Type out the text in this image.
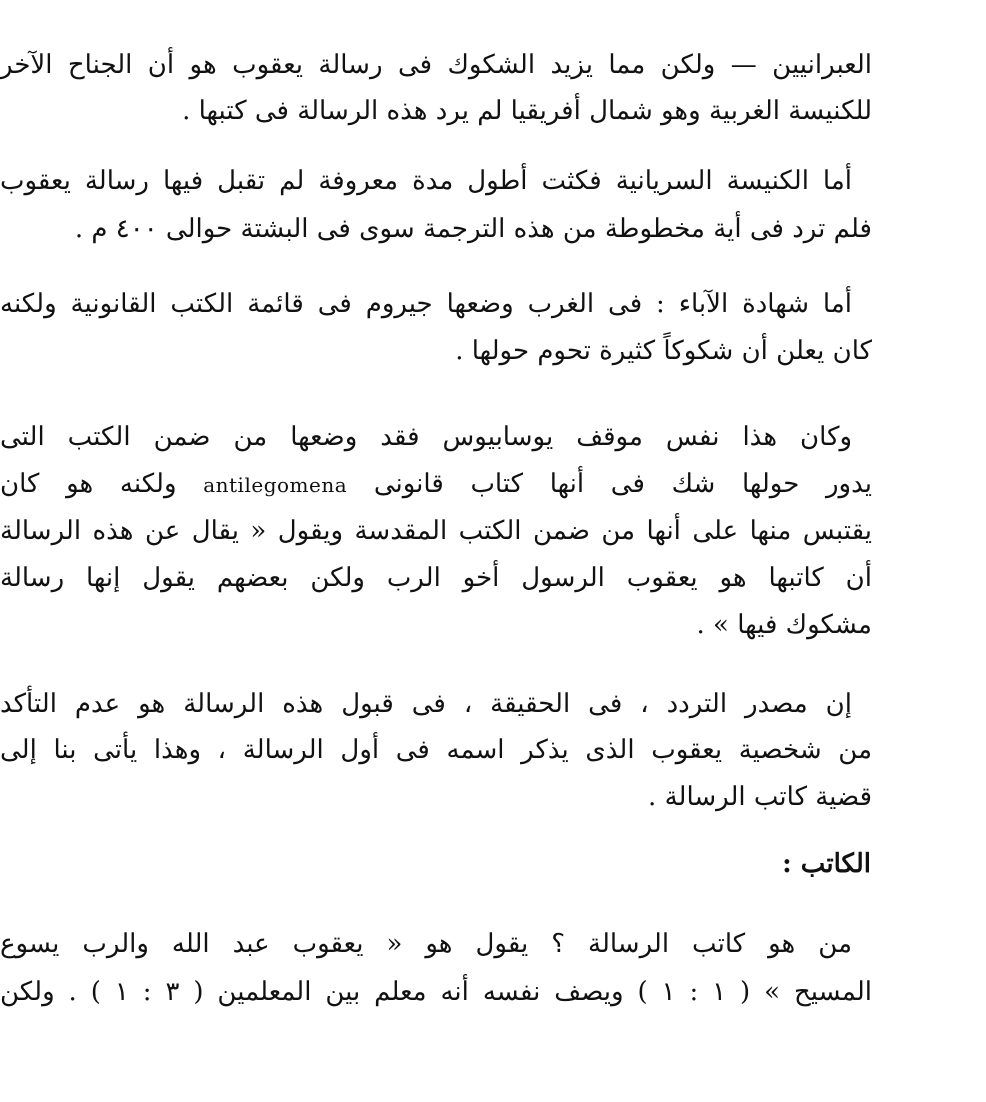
العبرانيين — ولكن مما يزيد الشكوك فى رسالة يعقوب هو أن الجناح الآخر

للكنيسة الغربية وهو شمال أفريقيا لم يرد هذه الرسالة فى كتبها .

أما الكنيسة السريانية فكثت أطول مدة معروفة لم تقبل فيها رسالة يعقوب

فلم ترد فى أية مخطوطة من هذه الترجمة سوى فى البشتة حوالى ٤٠٠ م .

أما شهادة الآباء : فى الغرب وضعها جيروم فى قائمة الكتب القانونية ولكنه

كان يعلن أن شكوكاً كثيرة تحوم حولها .

وكان هذا نفس موقف يوسابيوس فقد وضعها من ضمن الكتب التى

يدور حولها شك فى أنها كتاب قانونى antilegomena ولكنه هو كان

يقتبس منها على أنها من ضمن الكتب المقدسة ويقول « يقال عن هذه الرسالة

أن كاتبها هو يعقوب الرسول أخو الرب ولكن بعضهم يقول إنها رسالة

مشكوك فيها » .

إن مصدر التردد ، فى الحقيقة ، فى قبول هذه الرسالة هو عدم التأكد

من شخصية يعقوب الذى يذكر اسمه فى أول الرسالة ، وهذا يأتى بنا إلى

قضية كاتب الرسالة .

الكاتب :

من هو كاتب الرسالة ؟ يقول هو « يعقوب عبد الله والرب يسوع

المسيح » ( ١ : ١ ) ويصف نفسه أنه معلم بين المعلمين ( ٣ : ١ ) . ولكن
